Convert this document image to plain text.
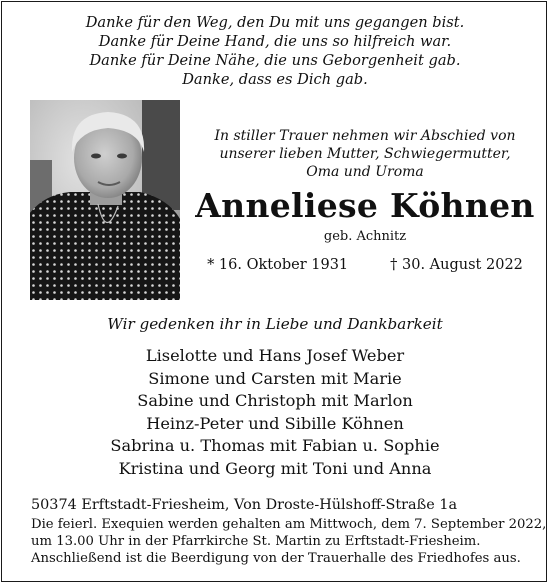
Danke für den Weg, den Du mit uns gegangen bist.
Danke für Deine Hand, die uns so hilfreich war.
Danke für Deine Nähe, die uns Geborgenheit gab.
Danke, dass es Dich gab.
In stiller Trauer nehmen wir Abschied von
unserer lieben Mutter, Schwiegermutter,
Oma und Uroma
Anneliese Köhnen
geb. Achnitz
* 16. Oktober 1931	† 30. August 2022
Wir gedenken ihr in Liebe und Dankbarkeit
Liselotte und Hans Josef Weber
Simone und Carsten mit Marie
Sabine und Christoph mit Marlon
Heinz-Peter und Sibille Köhnen
Sabrina u. Thomas mit Fabian u. Sophie
Kristina und Georg mit Toni und Anna
50374 Erftstadt-Friesheim, Von Droste-Hülshoff-Straße 1a
Die feierl. Exequien werden gehalten am Mittwoch, dem 7. September 2022,
um 13.00 Uhr in der Pfarrkirche St. Martin zu Erftstadt-Friesheim.
Anschließend ist die Beerdigung von der Trauerhalle des Friedhofes aus.
